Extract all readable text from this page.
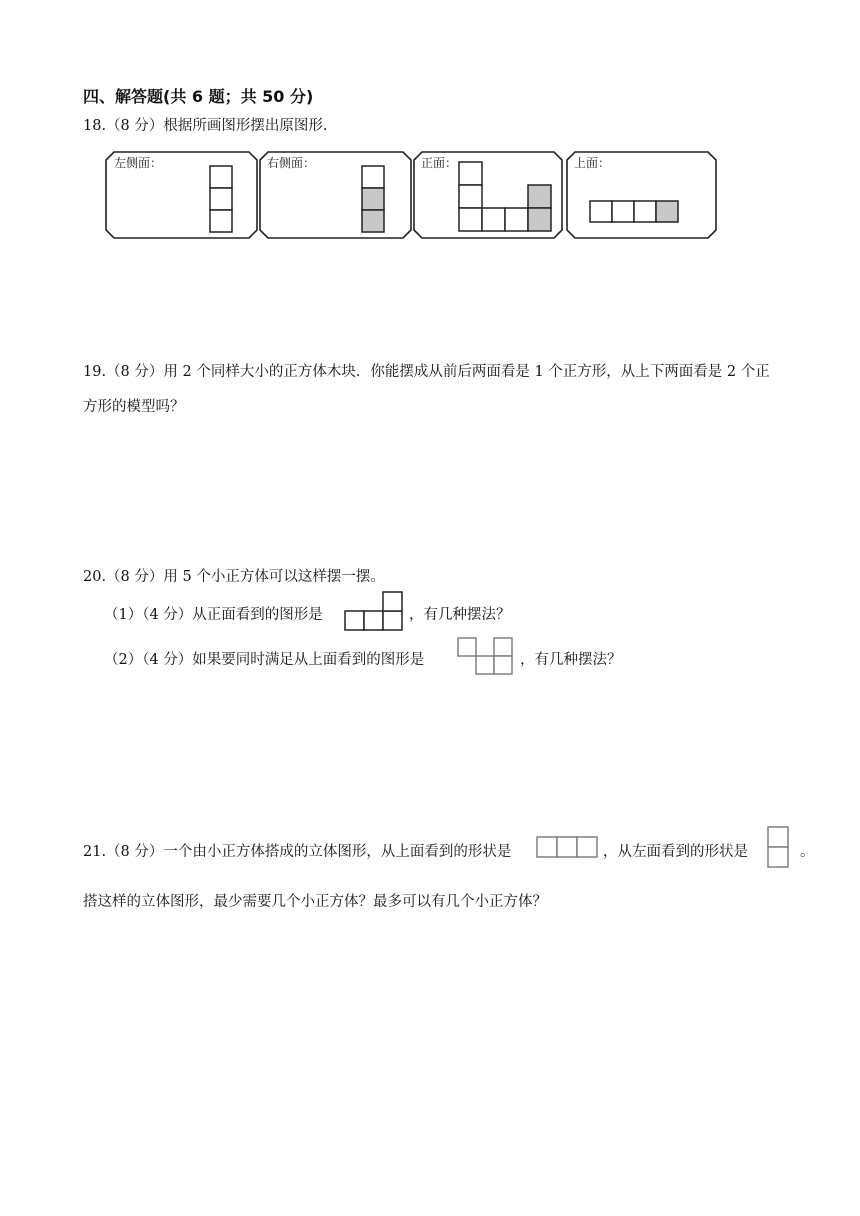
四、解答题(共 6 题；共 50 分)
18.（8 分）根据所画图形摆出原图形.
左侧面：	右侧面：	正面：	上面：
19.（8 分）用 2 个同样大小的正方体木块．你能摆成从前后两面看是 1 个正方形，从上下两面看是 2 个正
方形的模型吗？
20.（8 分）用 5 个小正方体可以这样摆一摆。
（1）（4 分）从正面看到的图形是	，有几种摆法？
（2）（4 分）如果要同时满足从上面看到的图形是	，有几种摆法？
21.（8 分）一个由小正方体搭成的立体图形，从上面看到的形状是	，从左面看到的形状是	。
搭这样的立体图形，最少需要几个小正方体？最多可以有几个小正方体？
